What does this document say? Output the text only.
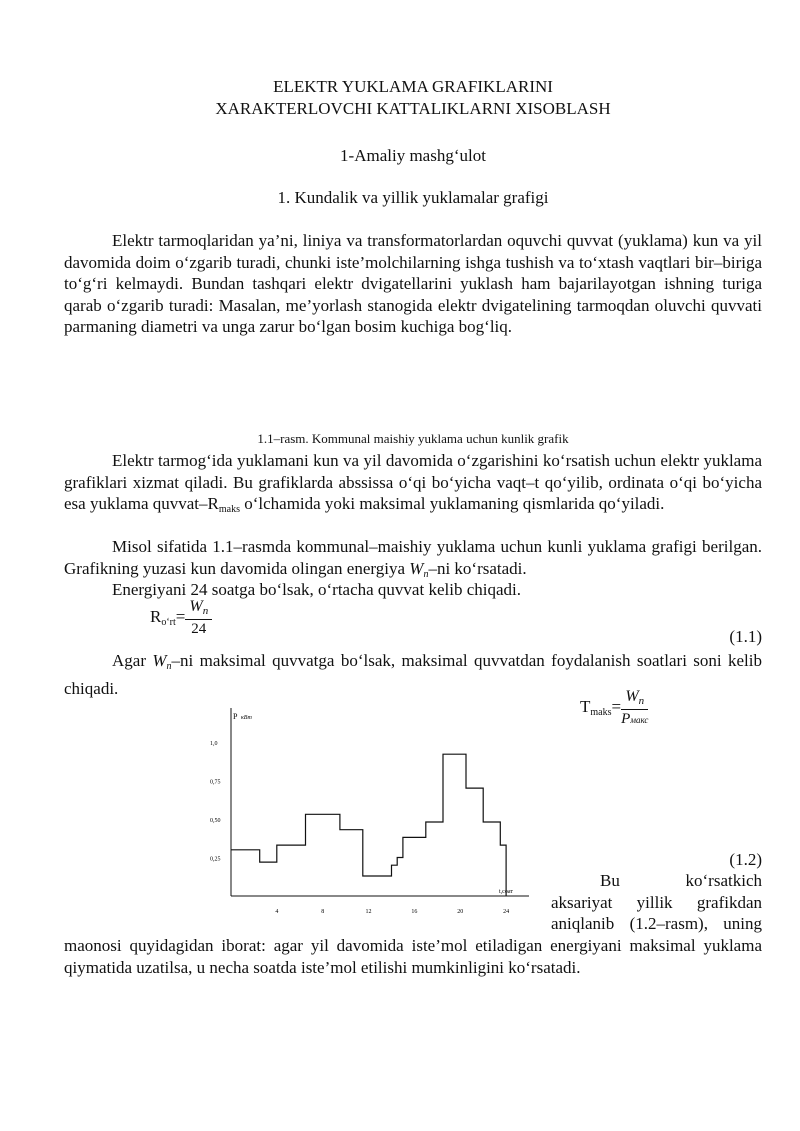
ELEKTR YUKLAMA GRAFIKLARINI
XARAKTERLOVCHI KATTALIKLARNI XISOBLASH
1-Amaliy mashg‘ulot
1. Kundalik va yillik yuklamalar grafigi
Elektr tarmoqlaridan ya’ni, liniya va transformatorlardan oquvchi quvvat (yuklama) kun va yil davomida doim o‘zgarib turadi, chunki iste’molchilarning ishga tushish va to‘xtash vaqtlari bir–biriga to‘g‘ri kelmaydi. Bundan tashqari elektr dvigatellarini yuklash ham bajarilayotgan ishning turiga qarab o‘zgarib turadi: Masalan, me’yorlash stanogida elektr dvigatelining tarmoqdan oluvchi quvvati parmaning diametri va unga zarur bo‘lgan bosim kuchiga bog‘liq.
1.1–rasm. Kommunal maishiy yuklama uchun kunlik grafik
Elektr tarmog‘ida yuklamani kun va yil davomida o‘zgarishini ko‘rsatish uchun elektr yuklama grafiklari xizmat qiladi. Bu grafiklarda abssissa o‘qi bo‘yicha vaqt–t qo‘yilib, ordinata o‘qi bo‘yicha esa yuklama quvvat–$R_{maks}$ o‘lchamida yoki maksimal yuklamaning qismlarida qo‘yiladi.
Misol sifatida 1.1–rasmda kommunal–maishiy yuklama uchun kunli yuklama grafigi berilgan. Grafikning yuzasi kun davomida olingan energiya $W_n-ni$ ko‘rsatadi.
Energiyani 24 soatga bo‘lsak, o‘rtacha quvvat kelib chiqadi.
$R_{o‘rt}= \frac{Wn}{24}$	(1.1)
Agar $W_n-ni$ maksimal quvvatga bo‘lsak, maksimal quvvatdan foydalanish soatlari soni kelib chiqadi.
P кВт
t,соат
0,25
0,50
0,75
1,0
4	8	12	16	20	24
$T_{maks}= \frac{Wn}{\text{Pмакс}}$
(1.2)
Bu	ko‘rsatkich
aksariyat yillik grafikdan
aniqlanib (1.2–rasm), uning
maonosi quyidagidan iborat: agar yil davomida iste’mol etiladigan energiyani maksimal yuklama qiymatida uzatilsa, u necha soatda iste’mol etilishi mumkinligini ko‘rsatadi.
